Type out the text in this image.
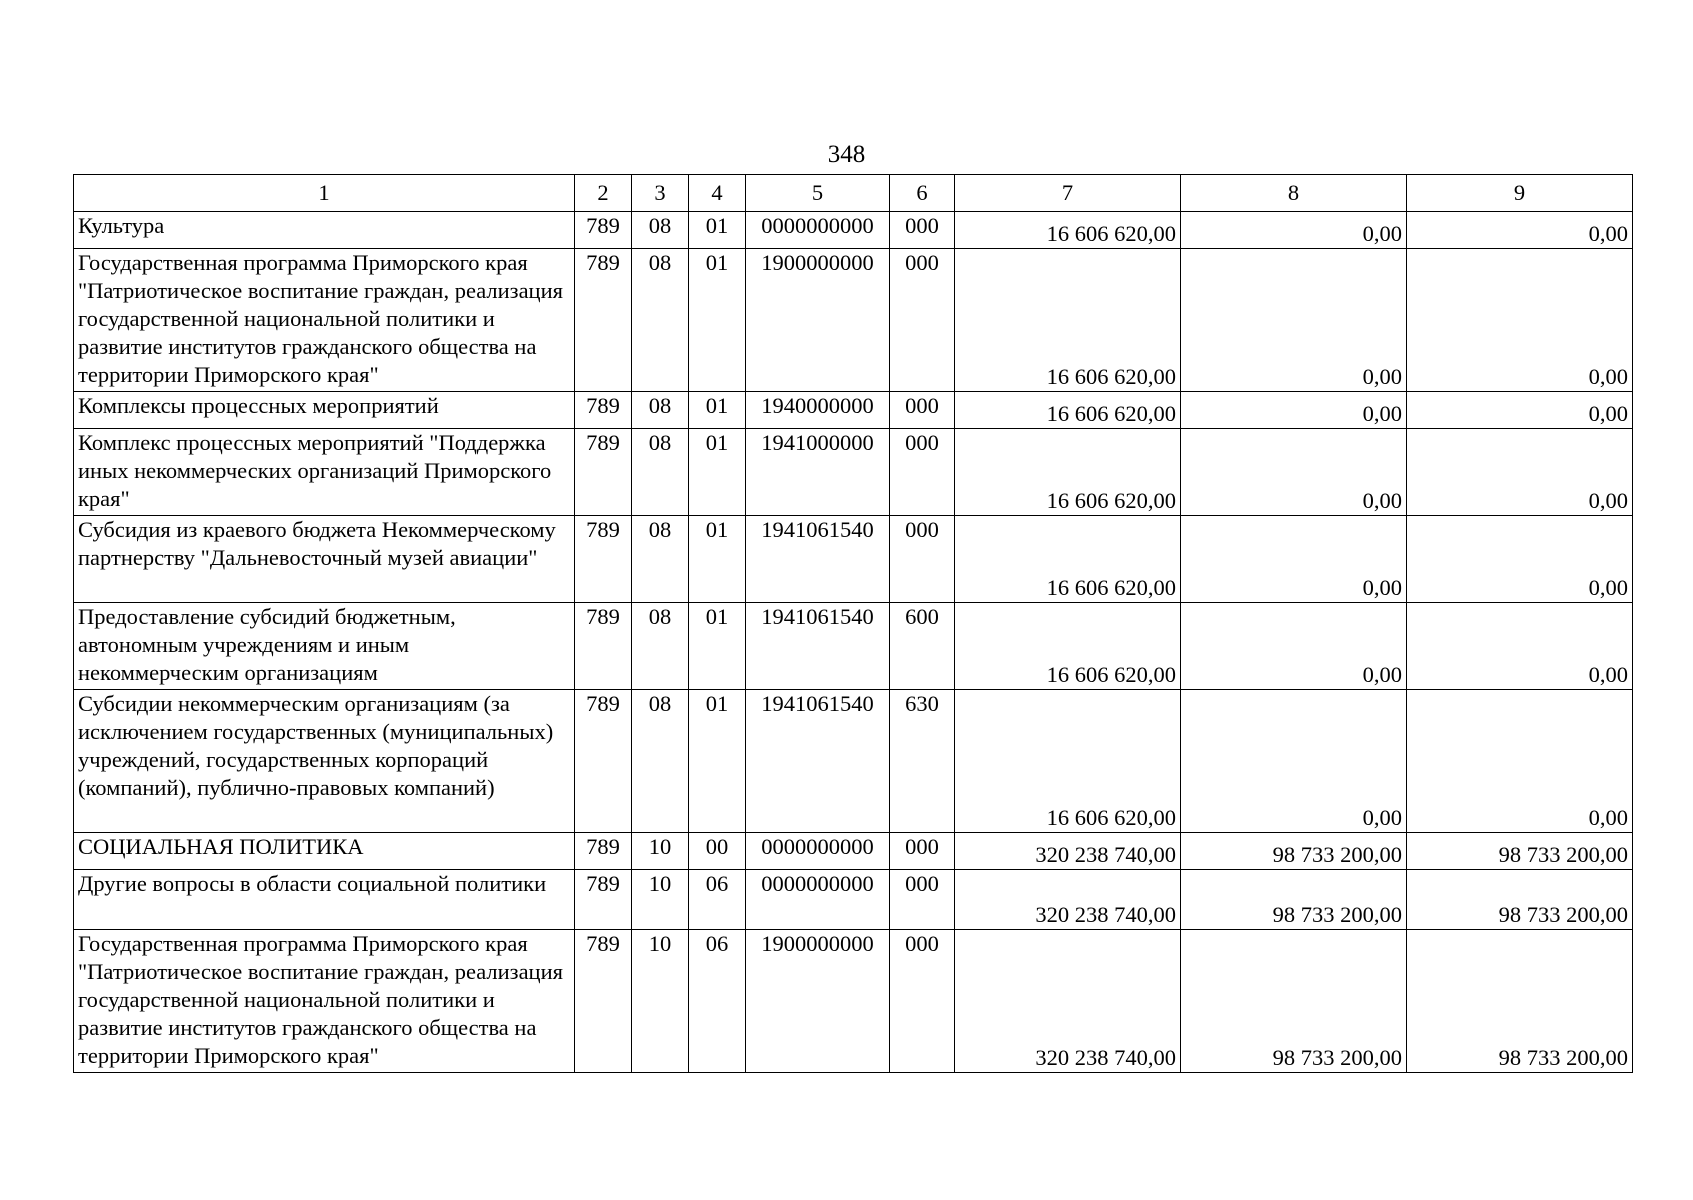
348
1	2	3	4	5	6	7	8	9
Культура	789	08	01	0000000000	000	16 606 620,00	0,00	0,00
Государственная программа Приморского края "Патриотическое воспитание граждан, реализация государственной национальной политики и развитие институтов гражданского общества на территории Приморского края"	789	08	01	1900000000	000	16 606 620,00	0,00	0,00
Комплексы процессных мероприятий	789	08	01	1940000000	000	16 606 620,00	0,00	0,00
Комплекс процессных мероприятий "Поддержка иных некоммерческих организаций Приморского края"	789	08	01	1941000000	000	16 606 620,00	0,00	0,00
Субсидия из краевого бюджета Некоммерческому партнерству "Дальневосточный музей авиации"	789	08	01	1941061540	000	16 606 620,00	0,00	0,00
Предоставление субсидий бюджетным, автономным учреждениям и иным некоммерческим организациям	789	08	01	1941061540	600	16 606 620,00	0,00	0,00
Субсидии некоммерческим организациям (за исключением государственных (муниципальных) учреждений, государственных корпораций (компаний), публично-правовых компаний)	789	08	01	1941061540	630	16 606 620,00	0,00	0,00
СОЦИАЛЬНАЯ ПОЛИТИКА	789	10	00	0000000000	000	320 238 740,00	98 733 200,00	98 733 200,00
Другие вопросы в области социальной политики	789	10	06	0000000000	000	320 238 740,00	98 733 200,00	98 733 200,00
Государственная программа Приморского края "Патриотическое воспитание граждан, реализация государственной национальной политики и развитие институтов гражданского общества на территории Приморского края"	789	10	06	1900000000	000	320 238 740,00	98 733 200,00	98 733 200,00
